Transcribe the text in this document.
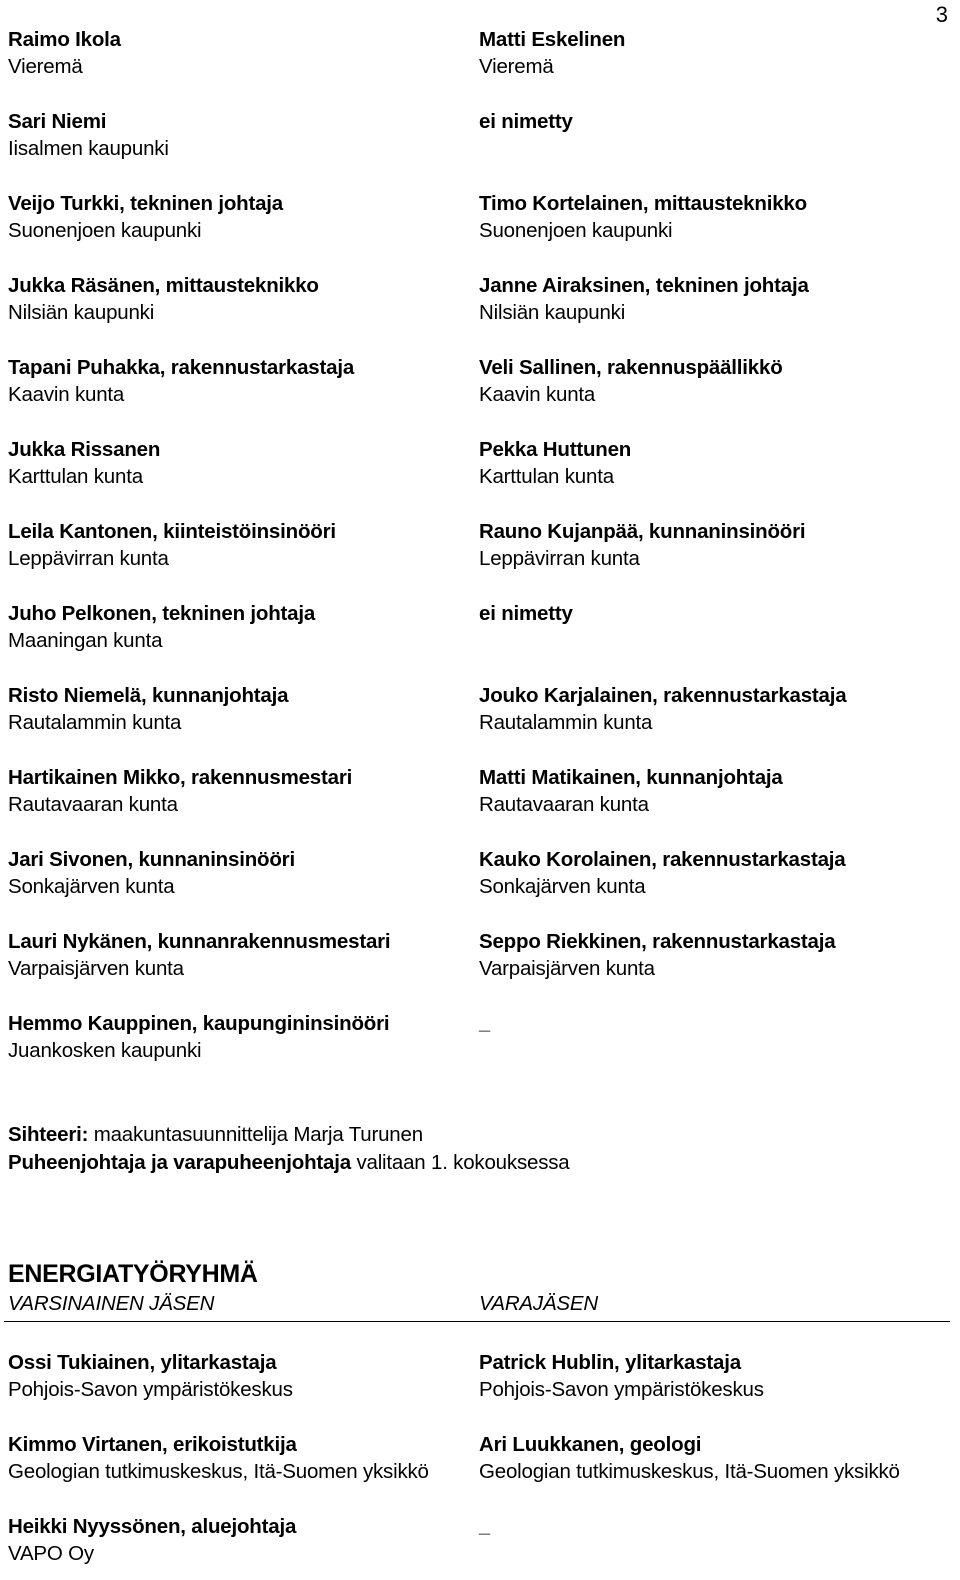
3
Raimo Ikola
Vieremä
Sari Niemi
Iisalmen kaupunki
Veijo Turkki, tekninen johtaja
Suonenjoen kaupunki
Jukka Räsänen, mittausteknikko
Nilsiän kaupunki
Tapani Puhakka, rakennustarkastaja
Kaavin kunta
Jukka Rissanen
Karttulan kunta
Leila Kantonen, kiinteistöinsinööri
Leppävirran kunta
Juho Pelkonen, tekninen johtaja
Maaningan kunta
Risto Niemelä, kunnanjohtaja
Rautalammin kunta
Hartikainen Mikko, rakennusmestari
Rautavaaran kunta
Jari Sivonen, kunnaninsinööri
Sonkajärven kunta
Lauri Nykänen, kunnanrakennusmestari
Varpaisjärven kunta
Hemmo Kauppinen, kaupungininsinööri
Juankosken kaupunki
Matti Eskelinen
Vieremä
ei nimetty
Timo Kortelainen, mittausteknikko
Suonenjoen kaupunki
Janne Airaksinen, tekninen johtaja
Nilsiän kaupunki
Veli Sallinen, rakennuspäällikkö
Kaavin kunta
Pekka Huttunen
Karttulan kunta
Rauno Kujanpää, kunnaninsinööri
Leppävirran kunta
ei nimetty
Jouko Karjalainen, rakennustarkastaja
Rautalammin kunta
Matti Matikainen, kunnanjohtaja
Rautavaaran kunta
Kauko Korolainen, rakennustarkastaja
Sonkajärven kunta
Seppo Riekkinen, rakennustarkastaja
Varpaisjärven kunta
_
Sihteeri: maakuntasuunnittelija Marja Turunen
Puheenjohtaja ja varapuheenjohtaja valitaan 1. kokouksessa
ENERGIATYÖRYHMÄ
VARSINAINEN JÄSEN	VARAJÄSEN
Ossi Tukiainen, ylitarkastaja
Pohjois-Savon ympäristökeskus
Kimmo Virtanen, erikoistutkija
Geologian tutkimuskeskus, Itä-Suomen yksikkö
Heikki Nyyssönen, aluejohtaja
VAPO Oy
Patrick Hublin, ylitarkastaja
Pohjois-Savon ympäristökeskus
Ari Luukkanen, geologi
Geologian tutkimuskeskus, Itä-Suomen yksikkö
_
